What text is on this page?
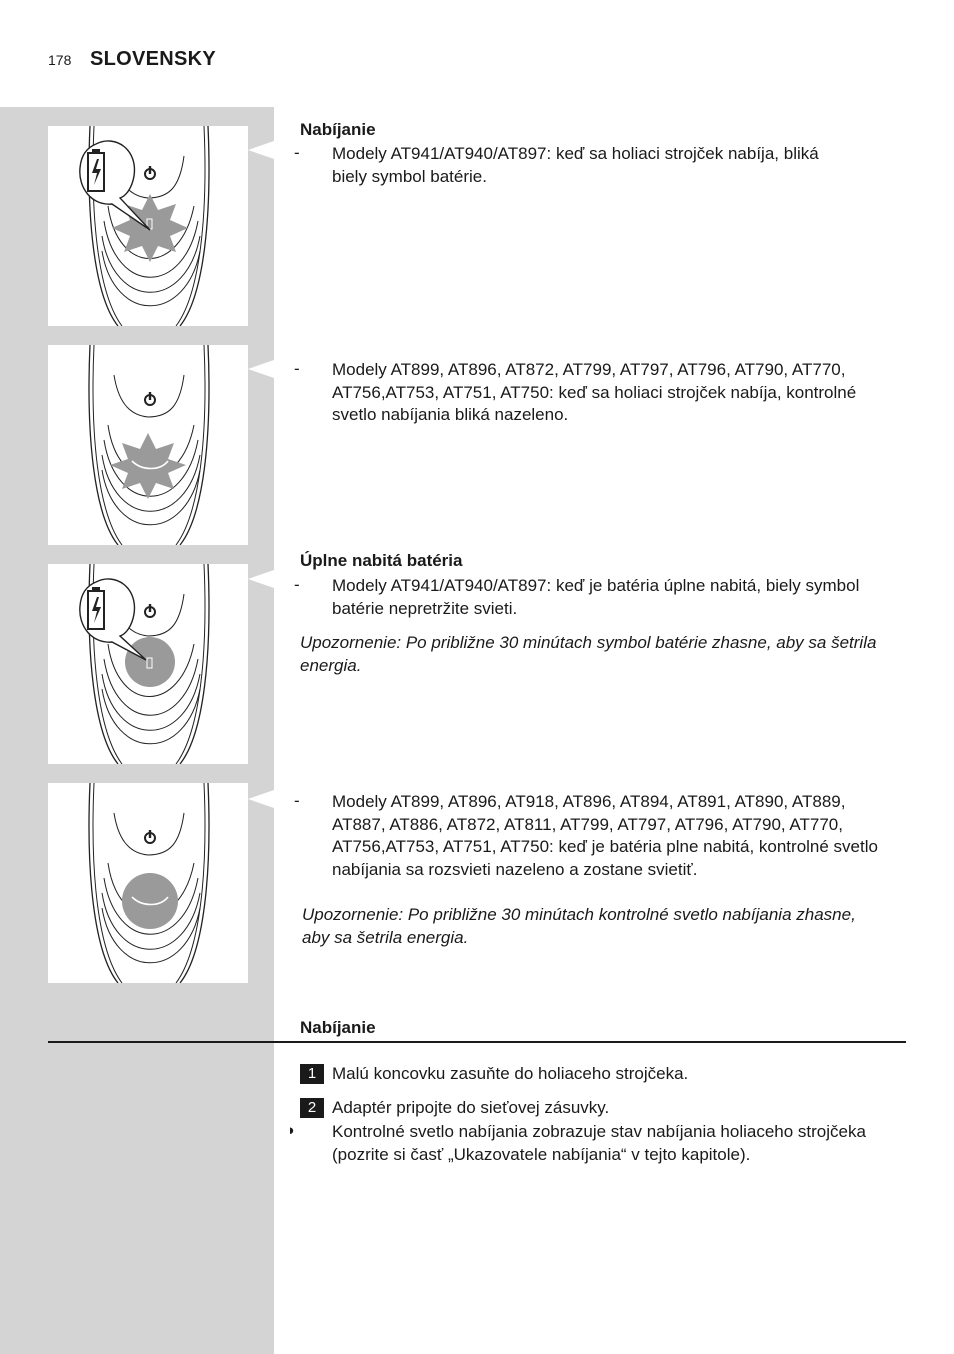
178 SLOVENSKY
Nabíjanie
- Modely AT941/AT940/AT897: keď sa holiaci strojček nabíja, bliká biely symbol batérie.
- Modely AT899, AT896, AT872, AT799, AT797, AT796, AT790, AT770, AT756,AT753, AT751, AT750: keď sa holiaci strojček nabíja, kontrolné svetlo nabíjania bliká nazeleno.
Úplne nabitá batéria
- Modely AT941/AT940/AT897: keď je batéria úplne nabitá, biely symbol batérie nepretržite svieti.
Upozornenie: Po približne 30 minútach symbol batérie zhasne, aby sa šetrila energia.
- Modely AT899, AT896, AT918, AT896, AT894, AT891, AT890, AT889, AT887, AT886, AT872, AT811, AT799, AT797, AT796, AT790, AT770, AT756,AT753, AT751, AT750: keď je batéria plne nabitá, kontrolné svetlo nabíjania sa rozsvieti nazeleno a zostane svietiť.
Upozornenie: Po približne 30 minútach kontrolné svetlo nabíjania zhasne, aby sa šetrila energia.
Nabíjanie
1 Malú koncovku zasuňte do holiaceho strojčeka.
2 Adaptér pripojte do sieťovej zásuvky.
◗ Kontrolné svetlo nabíjania zobrazuje stav nabíjania holiaceho strojčeka (pozrite si časť „Ukazovatele nabíjania“ v tejto kapitole).
